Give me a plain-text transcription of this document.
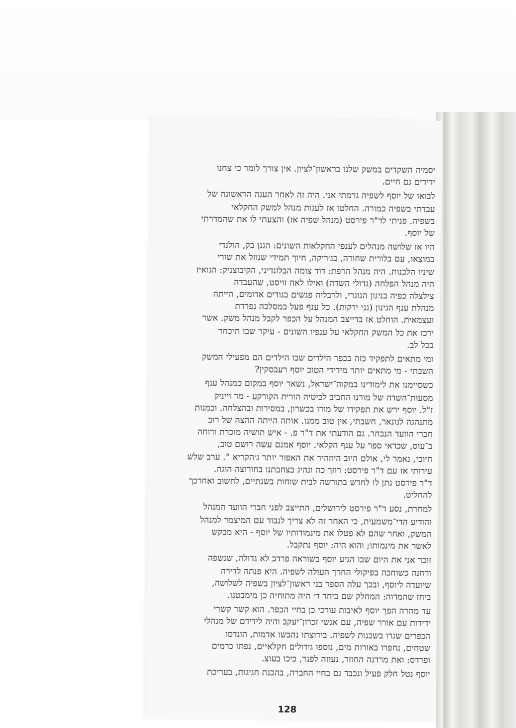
יסמיה השקדים במשק שלנו בראשון־לציון. אין צורך לומר כי צחנו
ידידים גם חיים.

לבואו של יוסף לשפיה גרמתי אני. היה זה לאחר העגה הראשונה של
עבדתי בשפיה כמורה. החלטו אז לעגות מנהל למשק החקלאי
בשפיה. פניתי לד"ר פירסט (מנהל שפיה אז) והצעתי לו את שהמדרתי
של יוסף.

היו אז שלושה מנהלים לענפי החקלאות השונים: הגנן בק, הולנדי
במוצאו, עם בלורית שחורה, בג׳ריקה, חיוך תמידי שנוזל את שורי
שיניו הלבנות. היה מנהל הרפת: דוד צומה הבלונדיני, הקיבוצניק: הגואיז
היה מנהל הפלחה (גדולי השדה) ואילו לאה זויסט, שהעבדה
צילצלה כפיה בניגון הגוגרי, ולרבליה פגשים בגודים אדומים, הייתה
מנהלת ענף הגינון (גני ירקות). כל ענף פעל במסלכה נפרדת
ועצמאית. הוחלט אז בדייצב המנהל על הכפר לקבל מנהל משק. אשר
ירכז את כל המשק החקלאי על ענפיו השונים - עיקר שבו תיכחר
בכל לב.

ומי מתאים לתפקיד כזה בכפר הילדים שבו הילדים הם מפעילי המשק
השבתי - מי מתאים יותר מידידי הטוב יוסף רעבסקין?

כשסיימנו את לימודינו במקוה־ישראל, נשאר יוסף במקום כמנהל ענף
מסעות־השדה של מורנו החביב לביטיה הורית הקורקע - מר וייניק
ז"ל. יוסף ירש את תפקידו של מורו בכשרון, במסירות ובהצלחה. וכמנות
מתנהגה לנונאר, חשבתי, אין טוב ממנו. אותה הייתה ההצה של רוב
חברי הוועד הנבחר. גם הודעתי את ד"ר פ. - איש תושיה מוכרת ורוחה
ב־עוס, שכדאי ספר על ענף הקלאי. יוסף אמנם עשה רושם טוב,
חיובי, נאמר לי, אולם היוב היוזהיר את האפור יותר ג׳הקריא ". ערב שלש
עירותי אז עם ד"ר פירסט: רוזך כה ונהיג בצחבתנו בחורוצה הוגה.
ד"ר פירסט נתן לו לחדש בתורשה לבית שוחות בשנתיים, לחשוב ואחרכך
להחליט.

למחרת, נסע ד"ר פירסט לירושלים, התייצב לפני חברי הוועד המנהל
והודיע הדי־משמעית, כי האחר זה לא צריך לנבוד עם המיצמר למנהל
המשק, ואחר שהם לא פטלו את מינמודותיו של יוסף - היא מבקש
לאשר את מינמותו; והוא היה: יוסף נתקבל.

זוכר אני את היום שבו הגיע יוסף בשוראה פרדב לא גדולה, שנשפה
ורחנה כשוחכה בפיקולי החרך העולה לשפיה. היא פנתה לדירה
שיועדה ליוסף, ובכך עלה הספר בני ראשון־לציון בשפיה לשלושה,
ביחז שהמדוה: המחלק שם ביחד ד׳ היה מתוחיה כן מימבטנו.

עד מהרה הפך יוסף לאיבות עורכי כן בחיי הכפר. הוא קשר קשרי
ידידות עם אורר שפיה, עם אנשי זכרון־יעקב והיה לידידם של מנהלי
הכפרים שגרו בשכנות לשפיה. בירוצתו נהבשו אדמות, הונדסו
שטחים, נחפרו באורות מים, נוספו גידולים חקלאיים, נפתו כרמים
ופרדס: ואת מרדגה החוזר, נעוזה לפנר, כיכו בעוצ.

יוסף נטל חלק פעיל ונכבד גם בחיי החברה, בהכנת חגיגות, בעריכת

128
